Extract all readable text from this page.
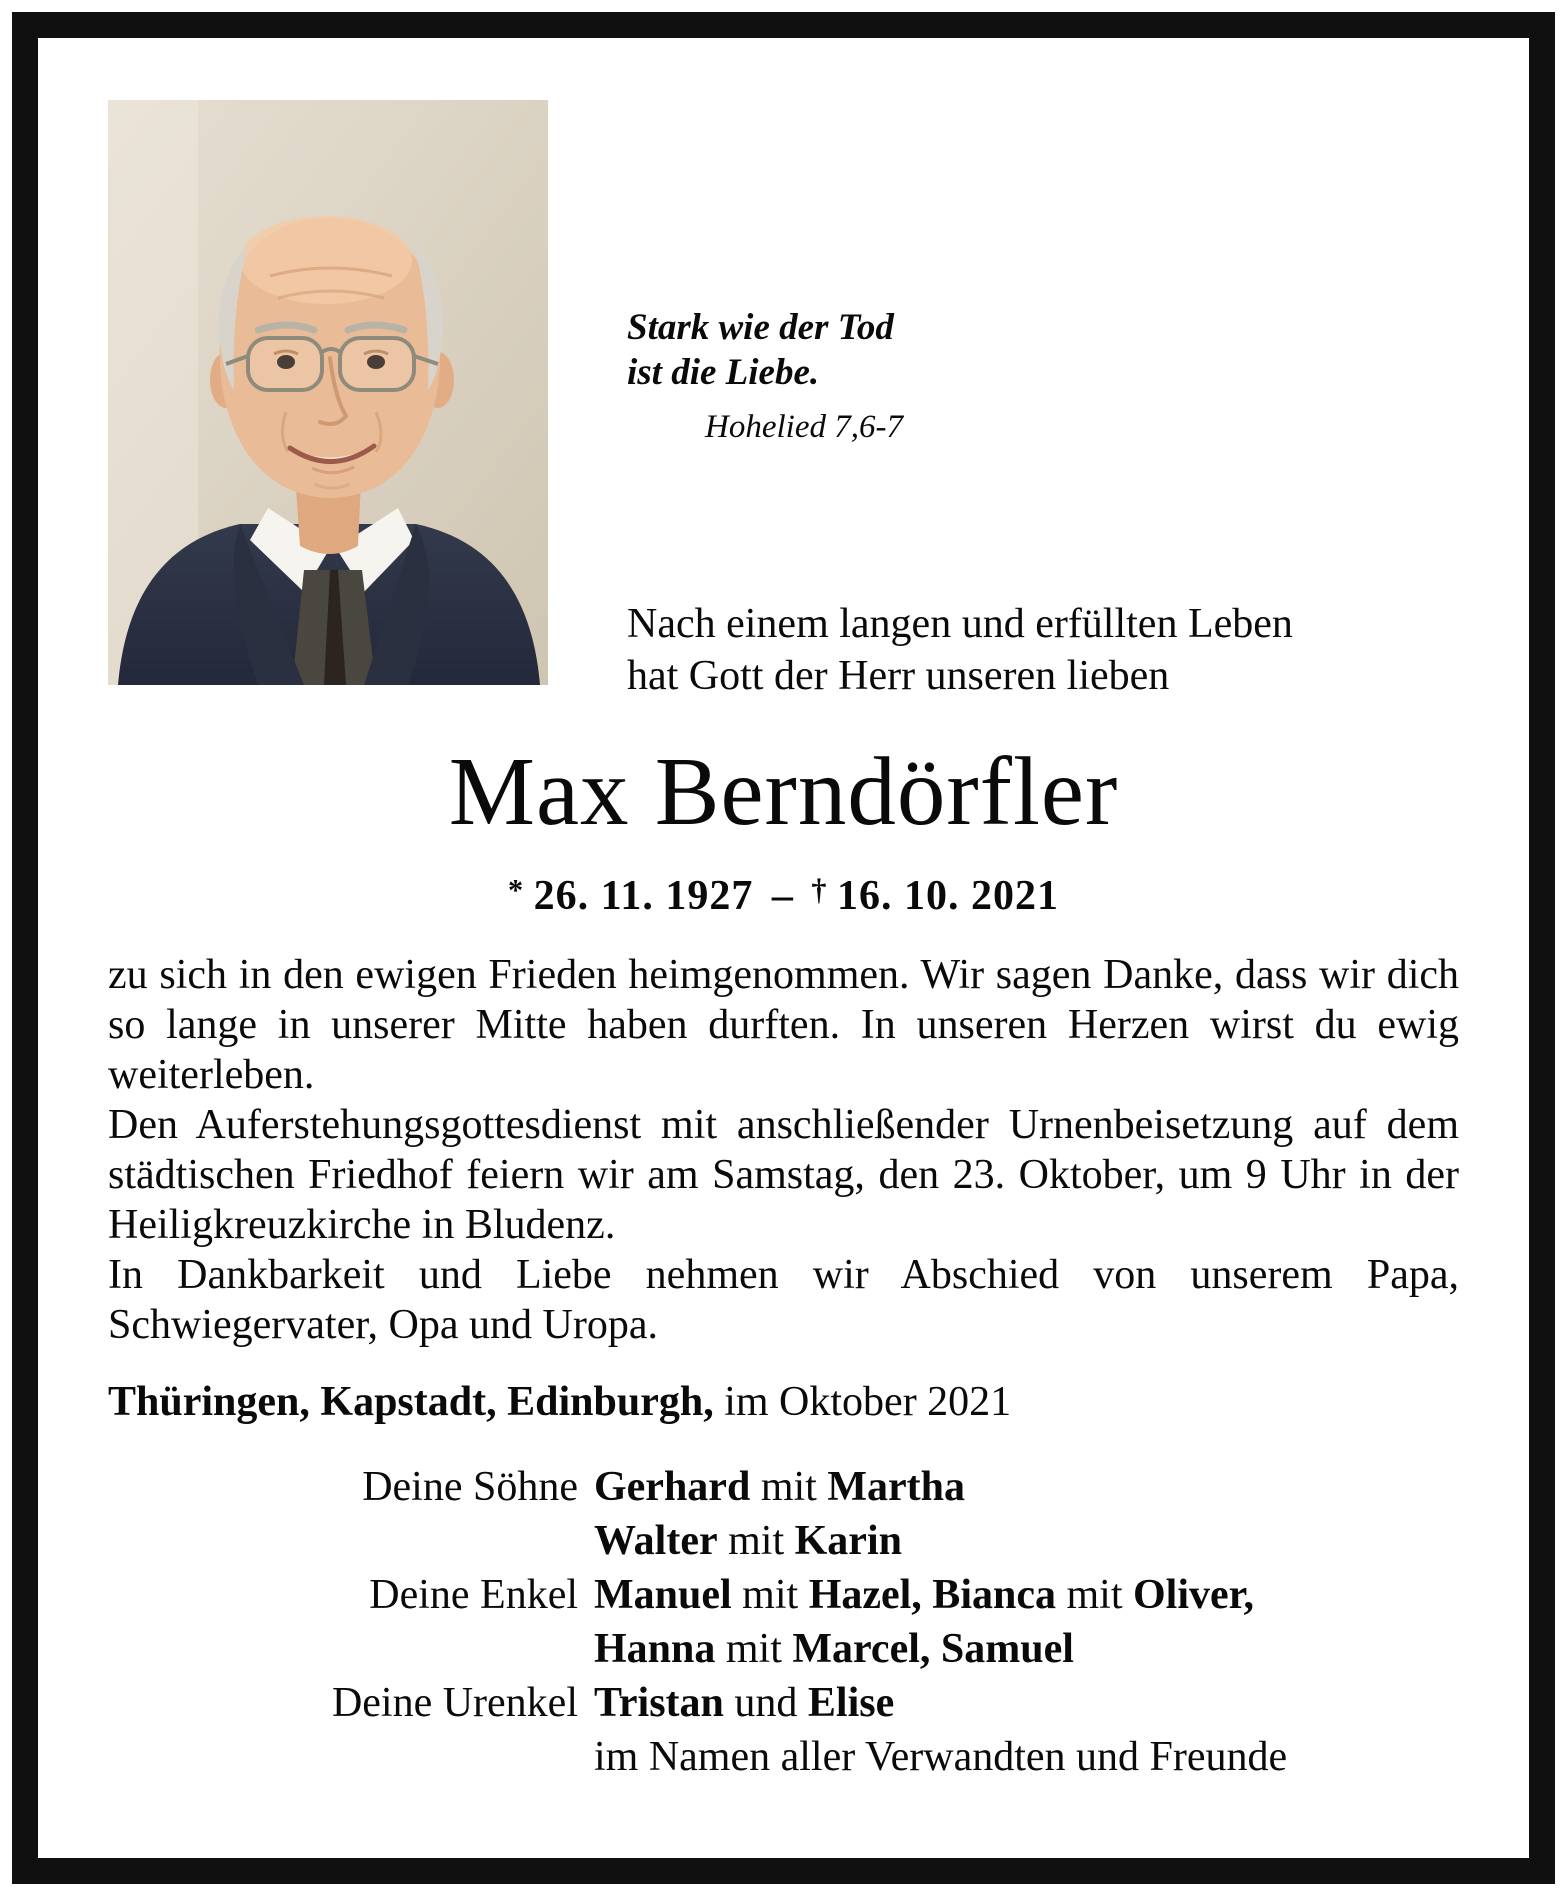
Stark wie der Tod
ist die Liebe.
Hohelied 7,6-7
Nach einem langen und erfüllten Leben
hat Gott der Herr unseren lieben
Max Berndörfler
* 26. 11. 1927 – † 16. 10. 2021

zu sich in den ewigen Frieden heimgenommen. Wir sagen Danke, dass wir dich so lange in unserer Mitte haben durften. In unseren Herzen wirst du ewig weiterleben.

Den Auferstehungsgottesdienst mit anschließender Urnenbeisetzung auf dem städtischen Friedhof feiern wir am Samstag, den 23. Oktober, um 9 Uhr in der Heiligkreuzkirche in Bludenz.

In Dankbarkeit und Liebe nehmen wir Abschied von unserem Papa, Schwiegervater, Opa und Uropa.

Thüringen, Kapstadt, Edinburgh, im Oktober 2021
Deine Söhne Gerhard mit Martha
Walter mit Karin
Deine Enkel Manuel mit Hazel, Bianca mit Oliver,
Hanna mit Marcel, Samuel
Deine Urenkel Tristan und Elise
im Namen aller Verwandten und Freunde
